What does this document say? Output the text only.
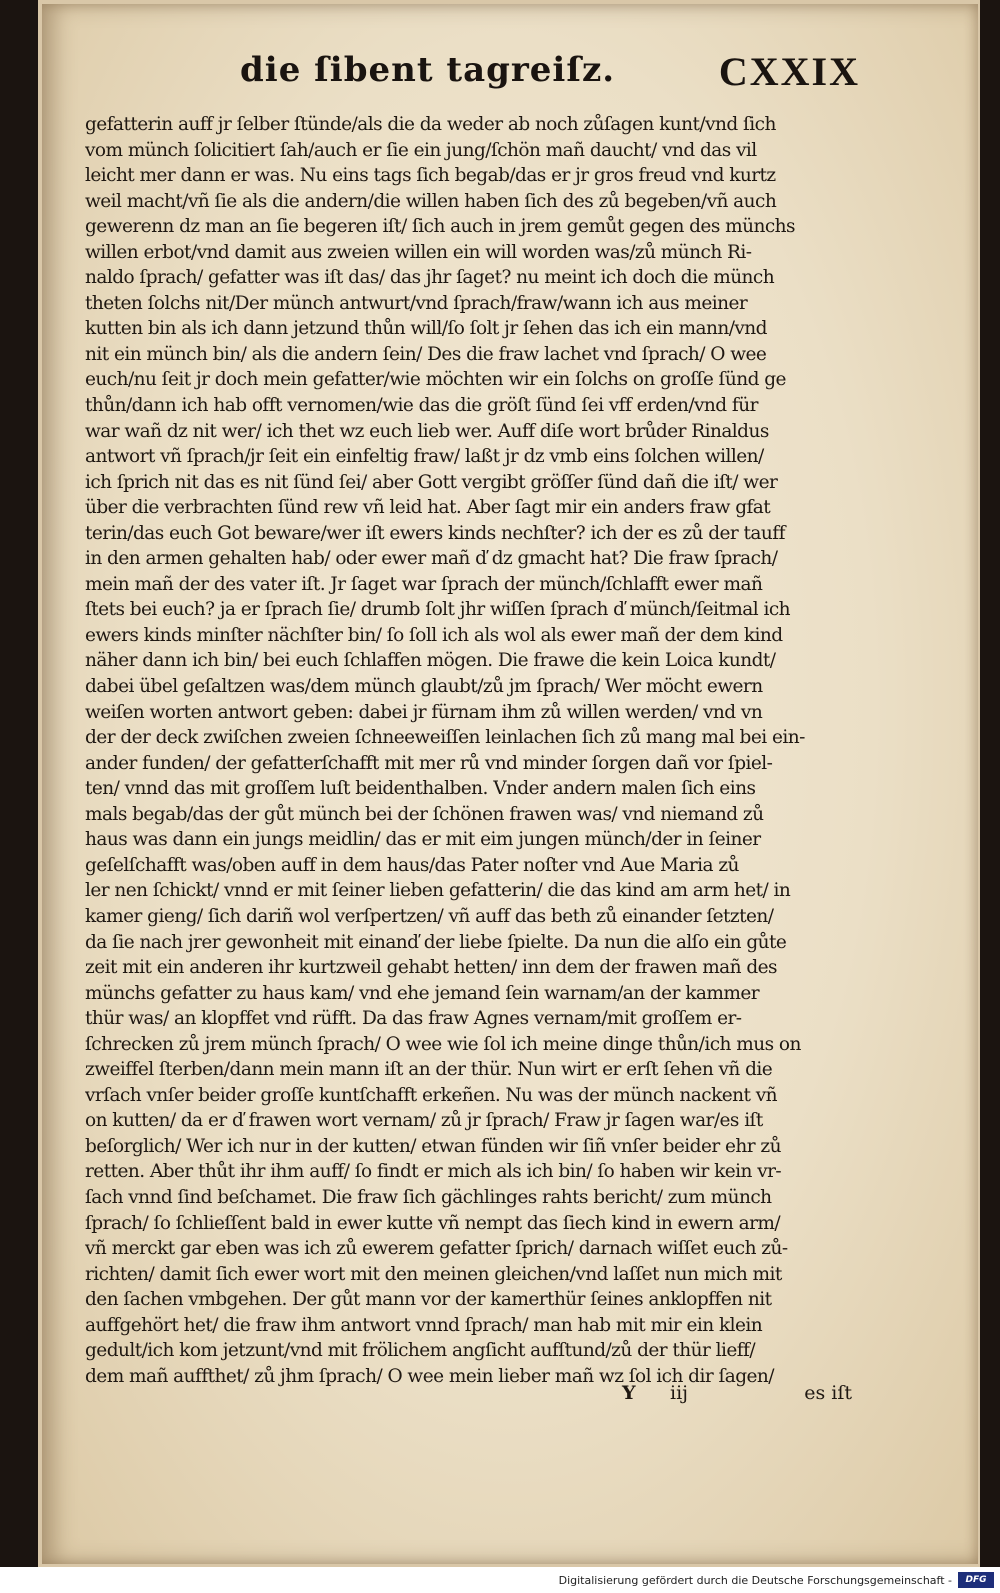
die ſibent tagreiſz.	CXXIX
gefatterin auff jr ſelber ſtünde/als die da weder ab noch zůſagen kunt/vnd ſich
vom münch ſolicitiert ſah/auch er ſie ein jung/ſchön mañ daucht/ vnd das vil
leicht mer dann er was. Nu eins tags ſich begab/das er jr gros freud vnd kurtz
weil macht/vñ ſie als die andern/die willen haben ſich des zů begeben/vñ auch
gewerenn dz man an ſie begeren iſt/ ſich auch in jrem gemůt gegen des münchs
willen erbot/vnd damit aus zweien willen ein will worden was/zů münch Ri-
naldo ſprach/ gefatter was iſt das/ das jhr ſaget? nu meint ich doch die münch
theten ſolchs nit/Der münch antwurt/vnd ſprach/fraw/wann ich aus meiner
kutten bin als ich dann jetzund thůn will/ſo ſolt jr ſehen das ich ein mann/vnd
nit ein münch bin/ als die andern ſein/ Des die fraw lachet vnd ſprach/ O wee
euch/nu ſeit jr doch mein gefatter/wie möchten wir ein ſolchs on groſſe ſünd ge
thůn/dann ich hab offt vernomen/wie das die gröſt ſünd ſei vff erden/vnd für
war wañ dz nit wer/ ich thet wz euch lieb wer. Auff diſe wort brůder Rinaldus
antwort vñ ſprach/jr ſeit ein einfeltig fraw/ laßt jr dz vmb eins ſolchen willen/
ich ſprich nit das es nit ſünd ſei/ aber Gott vergibt gröſſer ſünd dañ die iſt/ wer
über die verbrachten ſünd rew vñ leid hat. Aber ſagt mir ein anders fraw gfat
terin/das euch Got beware/wer iſt ewers kinds nechſter? ich der es zů der tauff
in den armen gehalten hab/ oder ewer mañ ď dz gmacht hat? Die fraw ſprach/
mein mañ der des vater iſt. Jr ſaget war ſprach der münch/ſchlafft ewer mañ
ſtets bei euch? ja er ſprach ſie/ drumb ſolt jhr wiſſen ſprach ď münch/ſeitmal ich
ewers kinds minſter nächſter bin/ ſo ſoll ich als wol als ewer mañ der dem kind
näher dann ich bin/ bei euch ſchlaffen mögen. Die frawe die kein Loica kundt/
dabei übel geſaltzen was/dem münch glaubt/zů jm ſprach/ Wer möcht ewern
weiſen worten antwort geben: dabei jr fürnam ihm zů willen werden/ vnd vn
der der deck zwiſchen zweien ſchneeweiſſen leinlachen ſich zů mang mal bei ein-
ander funden/ der gefatterſchafft mit mer rů vnd minder ſorgen dañ vor ſpiel-
ten/ vnnd das mit groſſem luſt beidenthalben. Vnder andern malen ſich eins
mals begab/das der gůt münch bei der ſchönen frawen was/ vnd niemand zů
haus was dann ein jungs meidlin/ das er mit eim jungen münch/der in ſeiner
geſelſchafft was/oben auff in dem haus/das Pater noſter vnd Aue Maria zů
ler nen ſchickt/ vnnd er mit ſeiner lieben gefatterin/ die das kind am arm het/ in
kamer gieng/ ſich dariñ wol verſpertzen/ vñ auff das beth zů einander ſetzten/
da ſie nach jrer gewonheit mit einanď der liebe ſpielte. Da nun die alſo ein gůte
zeit mit ein anderen ihr kurtzweil gehabt hetten/ inn dem der frawen mañ des
münchs gefatter zu haus kam/ vnd ehe jemand ſein warnam/an der kammer
thür was/ an klopffet vnd rüfft. Da das fraw Agnes vernam/mit groſſem er-
ſchrecken zů jrem münch ſprach/ O wee wie ſol ich meine dinge thůn/ich mus on
zweiffel ſterben/dann mein mann iſt an der thür. Nun wirt er erſt ſehen vñ die
vrſach vnſer beider groſſe kuntſchafft erkeñen. Nu was der münch nackent vñ
on kutten/ da er ď frawen wort vernam/ zů jr ſprach/ Fraw jr ſagen war/es iſt
beſorglich/ Wer ich nur in der kutten/ etwan fünden wir ſiñ vnſer beider ehr zů
retten. Aber thůt ihr ihm auff/ ſo findt er mich als ich bin/ ſo haben wir kein vr-
ſach vnnd ſind beſchamet. Die fraw ſich gächlinges rahts bericht/ zum münch
ſprach/ ſo ſchlieſſent bald in ewer kutte vñ nempt das ſiech kind in ewern arm/
vñ merckt gar eben was ich zů ewerem gefatter ſprich/ darnach wiſſet euch zů-
richten/ damit ſich ewer wort mit den meinen gleichen/vnd laſſet nun mich mit
den ſachen vmbgehen. Der gůt mann vor der kamerthür ſeines anklopffen nit
auffgehört het/ die fraw ihm antwort vnnd ſprach/ man hab mit mir ein klein
gedult/ich kom jetzunt/vnd mit frölichem angſicht aufſtund/zů der thür lieff/
dem mañ auffthet/ zů jhm ſprach/ O wee mein lieber mañ wz ſol ich dir ſagen/
Y iij	es iſt
Digitalisierung gefördert durch die Deutsche Forschungsgemeinschaft -	DFG
